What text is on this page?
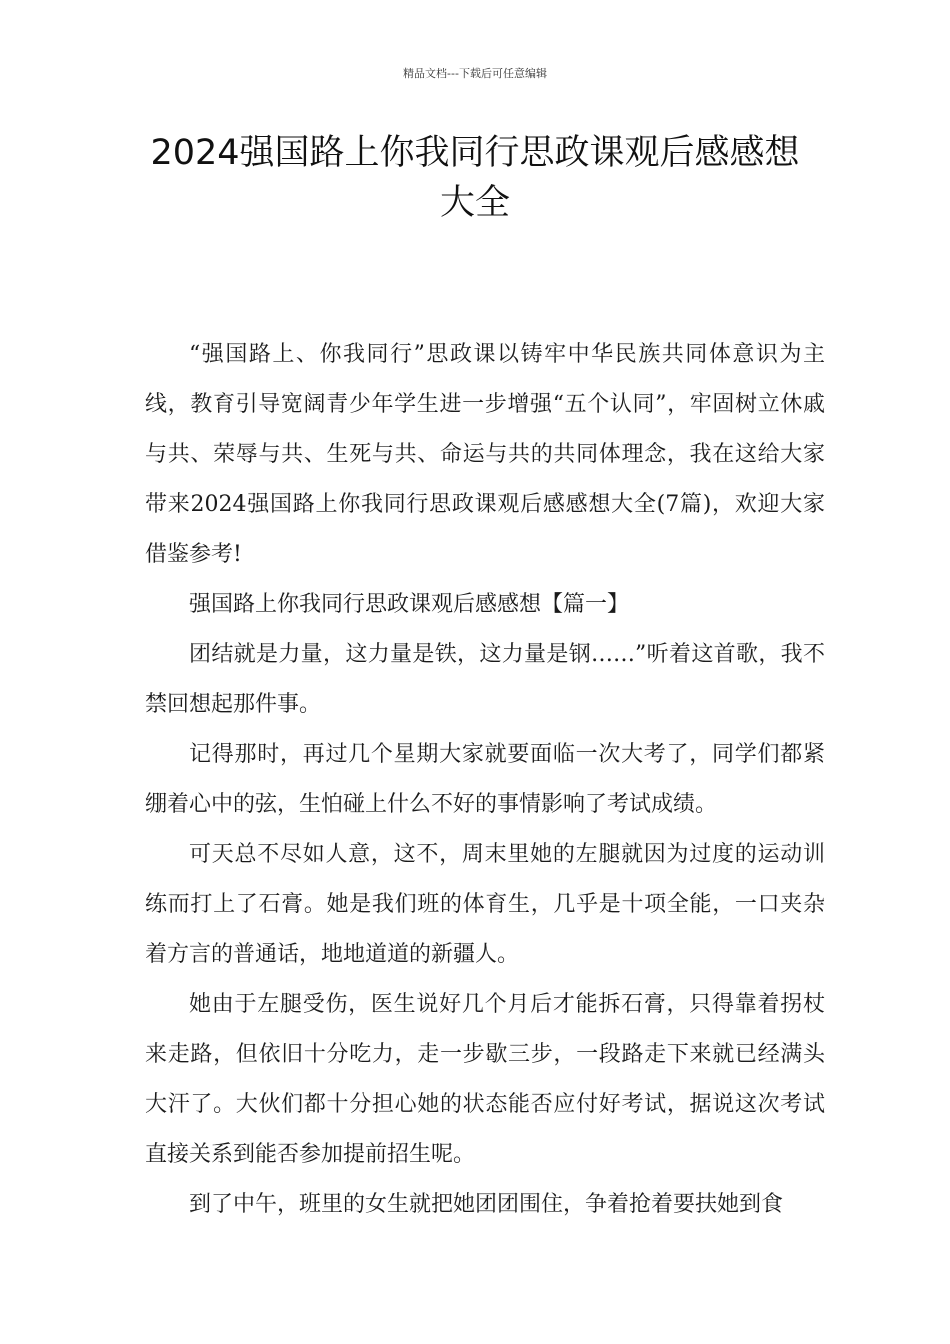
精品文档---下载后可任意编辑
2024强国路上你我同行思政课观后感感想大全

“强国路上、你我同行”思政课以铸牢中华民族共同体意识为主线，教育引导宽阔青少年学生进一步增强“五个认同”，牢固树立休戚与共、荣辱与共、生死与共、命运与共的共同体理念，我在这给大家带来2024强国路上你我同行思政课观后感感想大全(7篇)，欢迎大家借鉴参考!

强国路上你我同行思政课观后感感想【篇一】

团结就是力量，这力量是铁，这力量是钢……”听着这首歌，我不禁回想起那件事。

记得那时，再过几个星期大家就要面临一次大考了，同学们都紧绷着心中的弦，生怕碰上什么不好的事情影响了考试成绩。

可天总不尽如人意，这不，周末里她的左腿就因为过度的运动训练而打上了石膏。她是我们班的体育生，几乎是十项全能，一口夹杂着方言的普通话，地地道道的新疆人。

她由于左腿受伤，医生说好几个月后才能拆石膏，只得靠着拐杖来走路，但依旧十分吃力，走一步歇三步，一段路走下来就已经满头大汗了。大伙们都十分担心她的状态能否应付好考试，据说这次考试直接关系到能否参加提前招生呢。

到了中午，班里的女生就把她团团围住，争着抢着要扶她到食
